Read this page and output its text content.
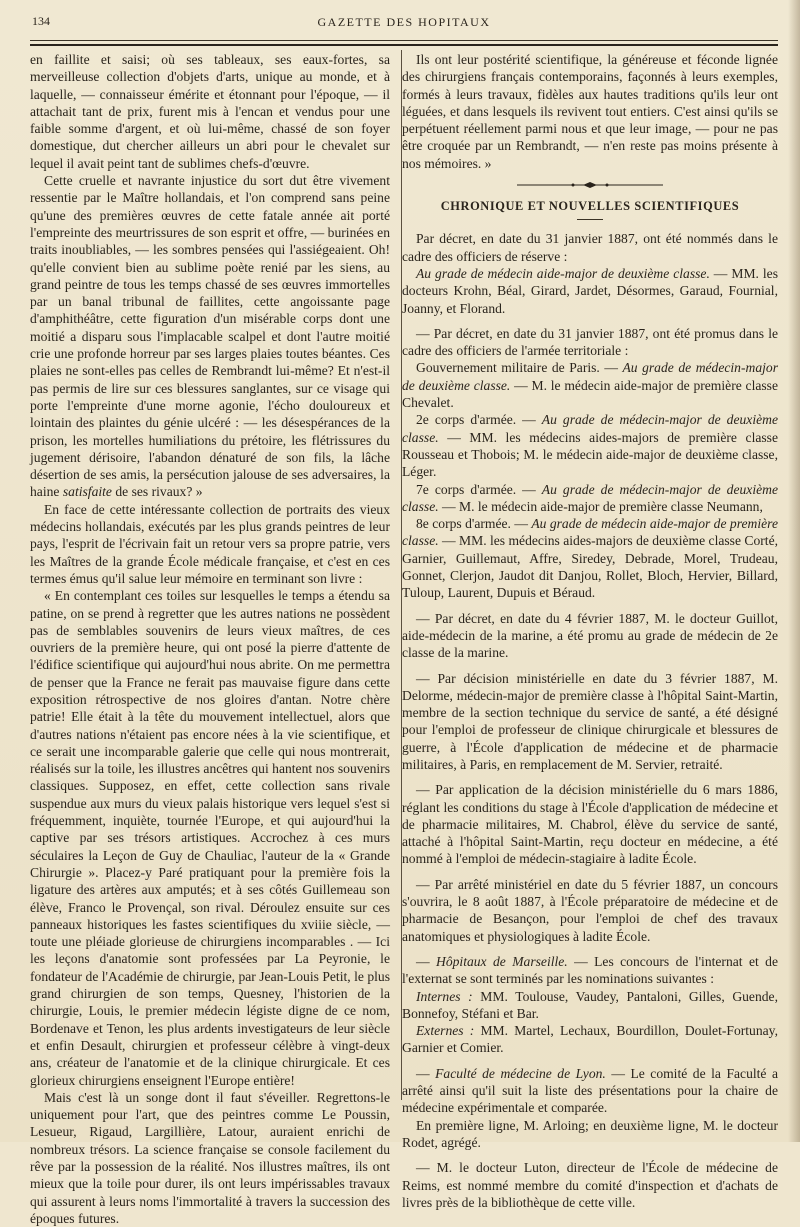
134	GAZETTE DES HOPITAUX

en faillite et saisi; où ses tableaux, ses eaux-fortes, sa merveilleuse collection d'objets d'arts, unique au monde, et à laquelle, — connaisseur émérite et étonnant pour l'époque, — il attachait tant de prix, furent mis à l'encan et vendus pour une faible somme d'argent, et où lui-même, chassé de son foyer domestique, dut chercher ailleurs un abri pour le chevalet sur lequel il avait peint tant de sublimes chefs-d'œuvre.

Cette cruelle et navrante injustice du sort dut être vivement ressentie par le Maître hollandais, et l'on comprend sans peine qu'une des premières œuvres de cette fatale année ait porté l'empreinte des meurtrissures de son esprit et offre, — burinées en traits inoubliables, — les sombres pensées qui l'assiégeaient. Oh! qu'elle convient bien au sublime poète renié par les siens, au grand peintre de tous les temps chassé de ses œuvres immortelles par un banal tribunal de faillites, cette angoissante page d'amphithéâtre, cette figuration d'un misérable corps dont une moitié a disparu sous l'implacable scalpel et dont l'autre moitié crie une profonde horreur par ses larges plaies toutes béantes. Ces plaies ne sont-elles pas celles de Rembrandt lui-même? Et n'est-il pas permis de lire sur ces blessures sanglantes, sur ce visage qui porte l'empreinte d'une morne agonie, l'écho douloureux et lointain des plaintes du génie ulcéré : — les désespérances de la prison, les mortelles humiliations du prétoire, les flétrissures du jugement dérisoire, l'abandon dénaturé de son fils, la lâche désertion de ses amis, la persécution jalouse de ses adversaires, la haine satisfaite de ses rivaux? »

En face de cette intéressante collection de portraits des vieux médecins hollandais, exécutés par les plus grands peintres de leur pays, l'esprit de l'écrivain fait un retour vers sa propre patrie, vers les Maîtres de la grande École médicale française, et c'est en ces termes émus qu'il salue leur mémoire en terminant son livre :

« En contemplant ces toiles sur lesquelles le temps a étendu sa patine, on se prend à regretter que les autres nations ne possèdent pas de semblables souvenirs de leurs vieux maîtres, de ces ouvriers de la première heure, qui ont posé la pierre d'attente de l'édifice scientifique qui aujourd'hui nous abrite. On me permettra de penser que la France ne ferait pas mauvaise figure dans cette exposition rétrospective de nos gloires d'antan. Notre chère patrie! Elle était à la tête du mouvement intellectuel, alors que d'autres nations n'étaient pas encore nées à la vie scientifique, et ce serait une incomparable galerie que celle qui nous montrerait, réalisés sur la toile, les illustres ancêtres qui hantent nos souvenirs classiques. Supposez, en effet, cette collection sans rivale suspendue aux murs du vieux palais historique vers lequel s'est si fréquemment, inquiète, tournée l'Europe, et qui aujourd'hui la captive par ses trésors artistiques. Accrochez à ces murs séculaires la Leçon de Guy de Chauliac, l'auteur de la « Grande Chirurgie ». Placez-y Paré pratiquant pour la première fois la ligature des artères aux amputés; et à ses côtés Guillemeau son élève, Franco le Provençal, son rival. Déroulez ensuite sur ces panneaux historiques les fastes scientifiques du xviiie siècle, — toute une pléiade glorieuse de chirurgiens incomparables . — Ici les leçons d'anatomie sont professées par La Peyronie, le fondateur de l'Académie de chirurgie, par Jean-Louis Petit, le plus grand chirurgien de son temps, Quesney, l'historien de la chirurgie, Louis, le premier médecin légiste digne de ce nom, Bordenave et Tenon, les plus ardents investigateurs de leur siècle et enfin Desault, chirurgien et professeur célèbre à vingt-deux ans, créateur de l'anatomie et de la clinique chirurgicale. Et ces glorieux chirurgiens enseignent l'Europe entière!

Mais c'est là un songe dont il faut s'éveiller. Regrettons-le uniquement pour l'art, que des peintres comme Le Poussin, Lesueur, Rigaud, Largillière, Latour, auraient enrichi de nombreux trésors. La science française se console facilement du rêve par la possession de la réalité. Nos illustres maîtres, ils ont mieux que la toile pour durer, ils ont leurs impérissables travaux qui assurent à leurs noms l'immortalité à travers la succession des époques futures.

Ils ont leur postérité scientifique, la généreuse et féconde lignée des chirurgiens français contemporains, façonnés à leurs exemples, formés à leurs travaux, fidèles aux hautes traditions qu'ils leur ont léguées, et dans lesquels ils revivent tout entiers. C'est ainsi qu'ils se perpétuent réellement parmi nous et que leur image, — pour ne pas être croquée par un Rembrandt, — n'en reste pas moins présente à nos mémoires. »

CHRONIQUE ET NOUVELLES SCIENTIFIQUES

Par décret, en date du 31 janvier 1887, ont été nommés dans le cadre des officiers de réserve :

Au grade de médecin aide-major de deuxième classe. — MM. les docteurs Krohn, Béal, Girard, Jardet, Désormes, Garaud, Fournial, Joanny, et Florand.

— Par décret, en date du 31 janvier 1887, ont été promus dans le cadre des officiers de l'armée territoriale :

Gouvernement militaire de Paris. — Au grade de médecin-major de deuxième classe. — M. le médecin aide-major de première classe Chevalet.

2e corps d'armée. — Au grade de médecin-major de deuxième classe. — MM. les médecins aides-majors de première classe Rousseau et Thobois; M. le médecin aide-major de deuxième classe, Léger.

7e corps d'armée. — Au grade de médecin-major de deuxième classe. — M. le médecin aide-major de première classe Neumann,

8e corps d'armée. — Au grade de médecin aide-major de première classe. — MM. les médecins aides-majors de deuxième classe Corté, Garnier, Guillemaut, Affre, Siredey, Debrade, Morel, Trudeau, Gonnet, Clerjon, Jaudot dit Danjou, Rollet, Bloch, Hervier, Billard, Tuloup, Laurent, Dupuis et Béraud.

— Par décret, en date du 4 février 1887, M. le docteur Guillot, aide-médecin de la marine, a été promu au grade de médecin de 2e classe de la marine.

— Par décision ministérielle en date du 3 février 1887, M. Delorme, médecin-major de première classe à l'hôpital Saint-Martin, membre de la section technique du service de santé, a été désigné pour l'emploi de professeur de clinique chirurgicale et blessures de guerre, à l'École d'application de médecine et de pharmacie militaires, à Paris, en remplacement de M. Servier, retraité.

— Par application de la décision ministérielle du 6 mars 1886, réglant les conditions du stage à l'École d'application de médecine et de pharmacie militaires, M. Chabrol, élève du service de santé, attaché à l'hôpital Saint-Martin, reçu docteur en médecine, a été nommé à l'emploi de médecin-stagiaire à ladite École.

— Par arrêté ministériel en date du 5 février 1887, un concours s'ouvrira, le 8 août 1887, à l'École préparatoire de médecine et de pharmacie de Besançon, pour l'emploi de chef des travaux anatomiques et physiologiques à ladite École.

— Hôpitaux de Marseille. — Les concours de l'internat et de l'externat se sont terminés par les nominations suivantes :

Internes : MM. Toulouse, Vaudey, Pantaloni, Gilles, Guende, Bonnefoy, Stéfani et Bar.

Externes : MM. Martel, Lechaux, Bourdillon, Doulet-Fortunay, Garnier et Comier.

— Faculté de médecine de Lyon. — Le comité de la Faculté a arrêté ainsi qu'il suit la liste des présentations pour la chaire de médecine expérimentale et comparée.

En première ligne, M. Arloing; en deuxième ligne, M. le docteur Rodet, agrégé.

— M. le docteur Luton, directeur de l'École de médecine de Reims, est nommé membre du comité d'inspection et d'achats de livres près de la bibliothèque de cette ville.
